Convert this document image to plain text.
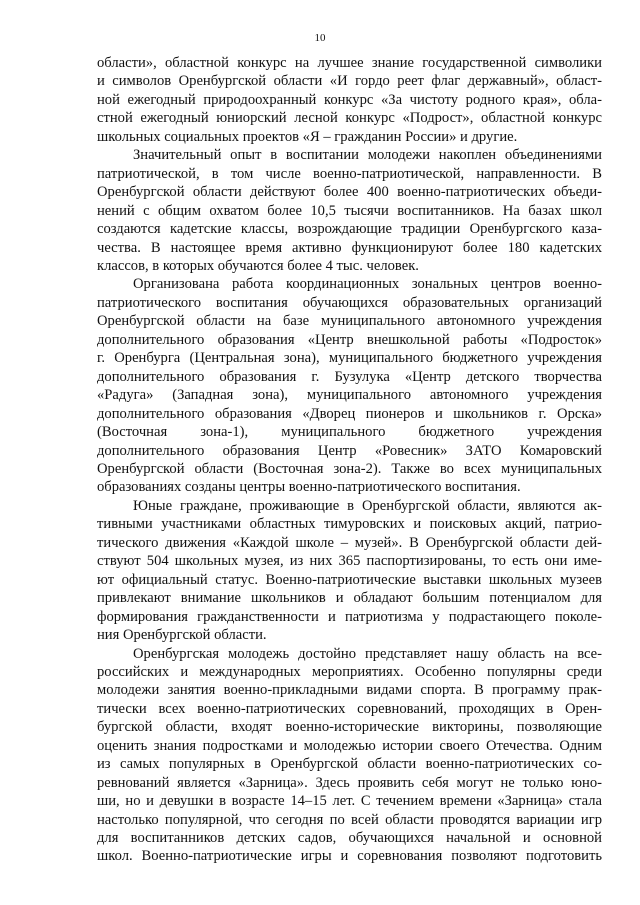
10

области», областной конкурс на лучшее знание государственной символики
и символов Оренбургской области «И гордо реет флаг державный», област-
ной ежегодный природоохранный конкурс «За чистоту родного края», обла-
стной ежегодный юниорский лесной конкурс «Подрост», областной конкурс
школьных социальных проектов «Я – гражданин России» и другие.

Значительный опыт в воспитании молодежи накоплен объединениями
патриотической, в том числе военно-патриотической, направленности. В
Оренбургской области действуют более 400 военно-патриотических объеди-
нений с общим охватом более 10,5 тысячи воспитанников. На базах школ
создаются кадетские классы, возрождающие традиции Оренбургского каза-
чества. В настоящее время активно функционируют более 180 кадетских
классов, в которых обучаются более 4 тыс. человек.

Организована работа координационных зональных центров военно-
патриотического воспитания обучающихся образовательных организаций
Оренбургской области на базе муниципального автономного учреждения
дополнительного образования «Центр внешкольной работы «Подросток»
г. Оренбурга (Центральная зона), муниципального бюджетного учреждения
дополнительного образования г. Бузулука «Центр детского творчества
«Радуга» (Западная зона), муниципального автономного учреждения
дополнительного образования «Дворец пионеров и школьников г. Орска»
(Восточная зона-1), муниципального бюджетного учреждения
дополнительного образования Центр «Ровесник» ЗАТО Комаровский
Оренбургской области (Восточная зона-2). Также во всех муниципальных
образованиях созданы центры военно-патриотического воспитания.

Юные граждане, проживающие в Оренбургской области, являются ак-
тивными участниками областных тимуровских и поисковых акций, патрио-
тического движения «Каждой школе – музей». В Оренбургской области дей-
ствуют 504 школьных музея, из них 365 паспортизированы, то есть они име-
ют официальный статус. Военно-патриотические выставки школьных музеев
привлекают внимание школьников и обладают большим потенциалом для
формирования гражданственности и патриотизма у подрастающего поколе-
ния Оренбургской области.

Оренбургская молодежь достойно представляет нашу область на все-
российских и международных мероприятиях. Особенно популярны среди
молодежи занятия военно-прикладными видами спорта. В программу прак-
тически всех военно-патриотических соревнований, проходящих в Орен-
бургской области, входят военно-исторические викторины, позволяющие
оценить знания подростками и молодежью истории своего Отечества. Одним
из самых популярных в Оренбургской области военно-патриотических со-
ревнований является «Зарница». Здесь проявить себя могут не только юно-
ши, но и девушки в возрасте 14–15 лет. С течением времени «Зарница» стала
настолько популярной, что сегодня по всей области проводятся вариации игр
для воспитанников детских садов, обучающихся начальной и основной
школ. Военно-патриотические игры и соревнования позволяют подготовить
